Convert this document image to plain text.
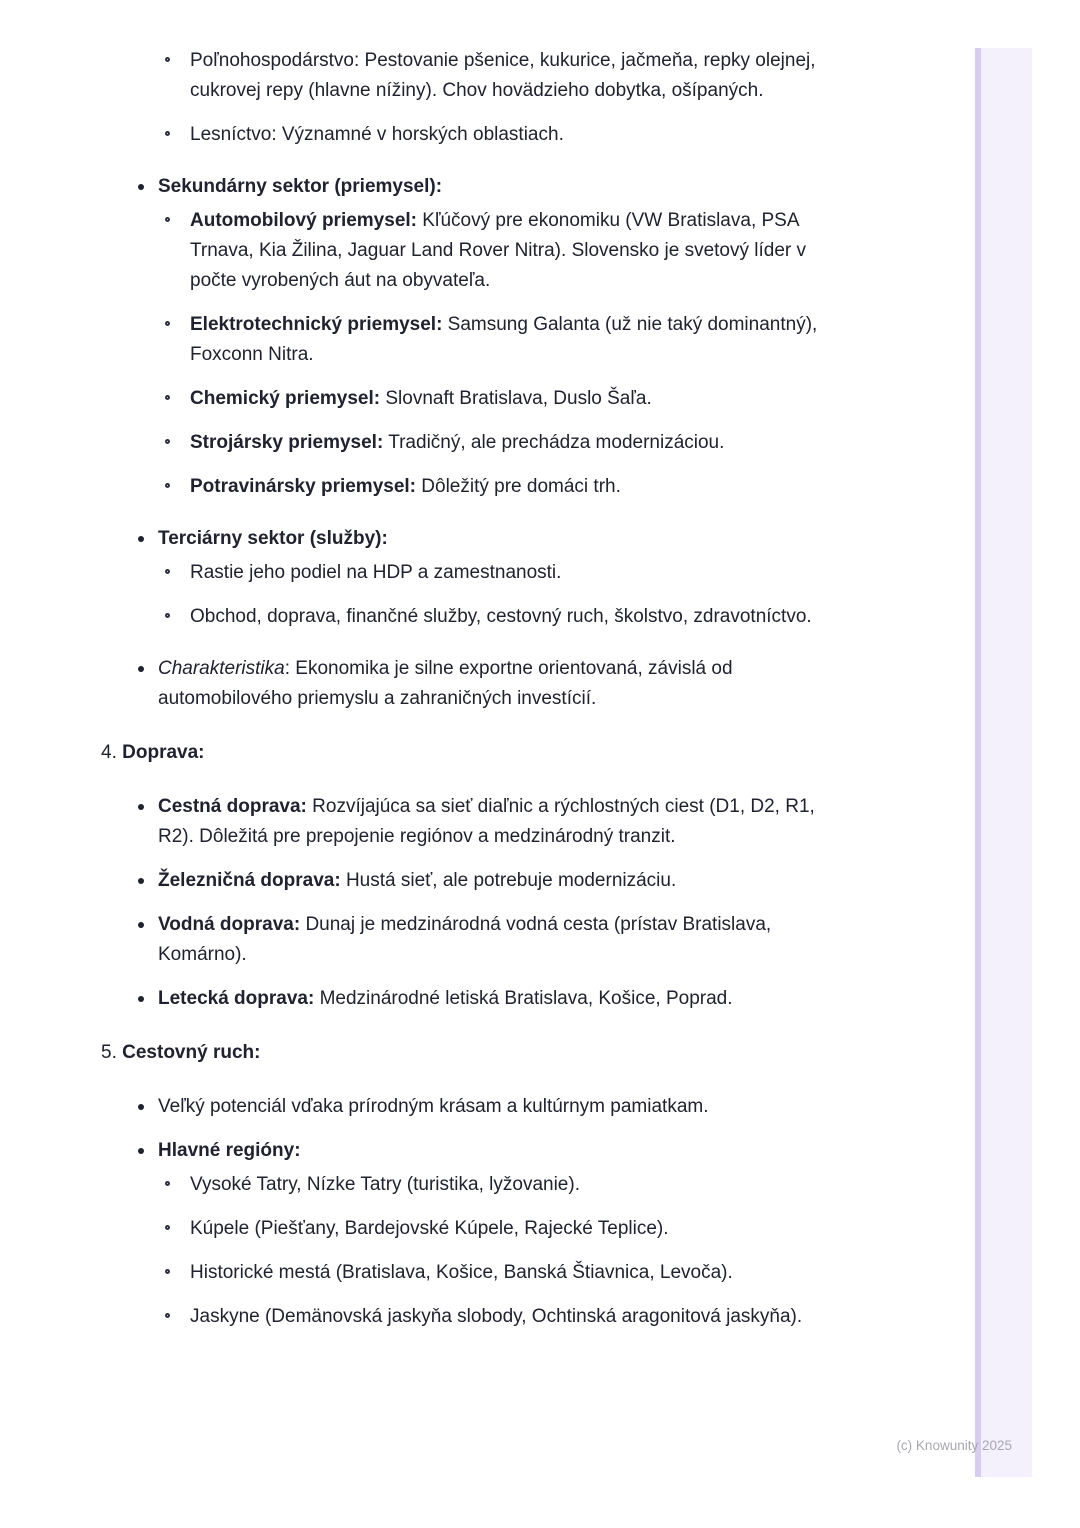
Poľnohospodárstvo: Pestovanie pšenice, kukurice, jačmeňa, repky olejnej, cukrovej repy (hlavne nížiny). Chov hovädzieho dobytka, ošípaných.
Lesníctvo: Významné v horských oblastiach.
Sekundárny sektor (priemysel):
Automobilový priemysel: Kľúčový pre ekonomiku (VW Bratislava, PSA Trnava, Kia Žilina, Jaguar Land Rover Nitra). Slovensko je svetový líder v počte vyrobených áut na obyvateľa.
Elektrotechnický priemysel: Samsung Galanta (už nie taký dominantný), Foxconn Nitra.
Chemický priemysel: Slovnaft Bratislava, Duslo Šaľa.
Strojársky priemysel: Tradičný, ale prechádza modernizáciou.
Potravinársky priemysel: Dôležitý pre domáci trh.
Terciárny sektor (služby):
Rastie jeho podiel na HDP a zamestnanosti.
Obchod, doprava, finančné služby, cestovný ruch, školstvo, zdravotníctvo.
Charakteristika: Ekonomika je silne exportne orientovaná, závislá od automobilového priemyslu a zahraničných investícií.
4. Doprava:
Cestná doprava: Rozvíjajúca sa sieť diaľnic a rýchlostných ciest (D1, D2, R1, R2). Dôležitá pre prepojenie regiónov a medzinárodný tranzit.
Železničná doprava: Hustá sieť, ale potrebuje modernizáciu.
Vodná doprava: Dunaj je medzinárodná vodná cesta (prístav Bratislava, Komárno).
Letecká doprava: Medzinárodné letiská Bratislava, Košice, Poprad.
5. Cestovný ruch:
Veľký potenciál vďaka prírodným krásam a kultúrnym pamiatkam.
Hlavné regióny:
Vysoké Tatry, Nízke Tatry (turistika, lyžovanie).
Kúpele (Piešťany, Bardejovské Kúpele, Rajecké Teplice).
Historické mestá (Bratislava, Košice, Banská Štiavnica, Levoča).
Jaskyne (Demänovská jaskyňa slobody, Ochtinská aragonitová jaskyňa).
(c) Knowunity 2025
